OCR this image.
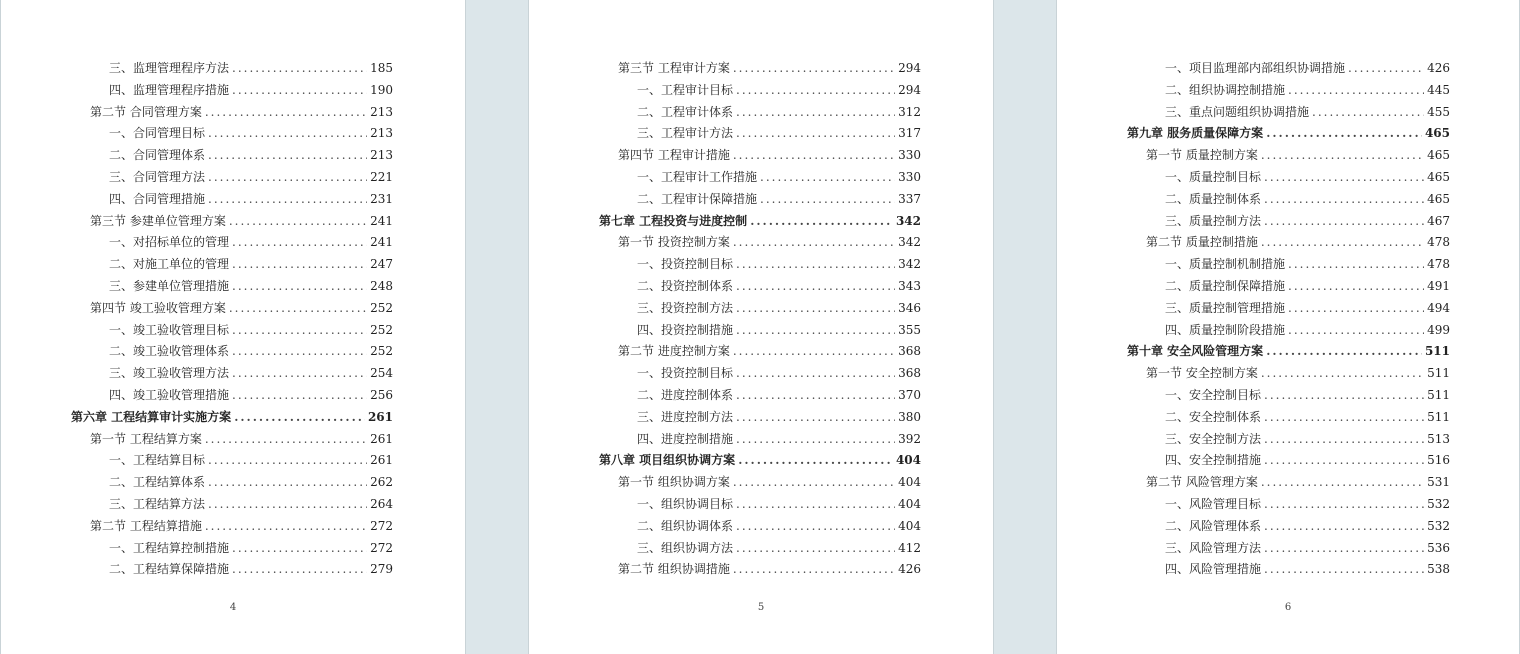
三、监理管理程序方法 .....	185
四、监理管理程序措施 .....	190
第二节 合同管理方案 .....	213
一、合同管理目标 .....	213
二、合同管理体系 .....	213
三、合同管理方法 .....	221
四、合同管理措施 .....	231
第三节 参建单位管理方案 .....	241
一、对招标单位的管理 .....	241
二、对施工单位的管理 .....	247
三、参建单位管理措施 .....	248
第四节 竣工验收管理方案 .....	252
一、竣工验收管理目标 .....	252
二、竣工验收管理体系 .....	252
三、竣工验收管理方法 .....	254
四、竣工验收管理措施 .....	256
第六章 工程结算审计实施方案 .....	261
第一节 工程结算方案 .....	261
一、工程结算目标 .....	261
二、工程结算体系 .....	262
三、工程结算方法 .....	264
第二节 工程结算措施 .....	272
一、工程结算控制措施 .....	272
二、工程结算保障措施 .....	279
4
第三节 工程审计方案 .....	294
一、工程审计目标 .....	294
二、工程审计体系 .....	312
三、工程审计方法 .....	317
第四节 工程审计措施 .....	330
一、工程审计工作措施 .....	330
二、工程审计保障措施 .....	337
第七章 工程投资与进度控制 .....	342
第一节 投资控制方案 .....	342
一、投资控制目标 .....	342
二、投资控制体系 .....	343
三、投资控制方法 .....	346
四、投资控制措施 .....	355
第二节 进度控制方案 .....	368
一、投资控制目标 .....	368
二、进度控制体系 .....	370
三、进度控制方法 .....	380
四、进度控制措施 .....	392
第八章 项目组织协调方案 .....	404
第一节 组织协调方案 .....	404
一、组织协调目标 .....	404
二、组织协调体系 .....	404
三、组织协调方法 .....	412
第二节 组织协调措施 .....	426
5
一、项目监理部内部组织协调措施 .....	426
二、组织协调控制措施 .....	445
三、重点问题组织协调措施 .....	455
第九章 服务质量保障方案 .....	465
第一节 质量控制方案 .....	465
一、质量控制目标 .....	465
二、质量控制体系 .....	465
三、质量控制方法 .....	467
第二节 质量控制措施 .....	478
一、质量控制机制措施 .....	478
二、质量控制保障措施 .....	491
三、质量控制管理措施 .....	494
四、质量控制阶段措施 .....	499
第十章 安全风险管理方案 .....	511
第一节 安全控制方案 .....	511
一、安全控制目标 .....	511
二、安全控制体系 .....	511
三、安全控制方法 .....	513
四、安全控制措施 .....	516
第二节 风险管理方案 .....	531
一、风险管理目标 .....	532
二、风险管理体系 .....	532
三、风险管理方法 .....	536
四、风险管理措施 .....	538
6
